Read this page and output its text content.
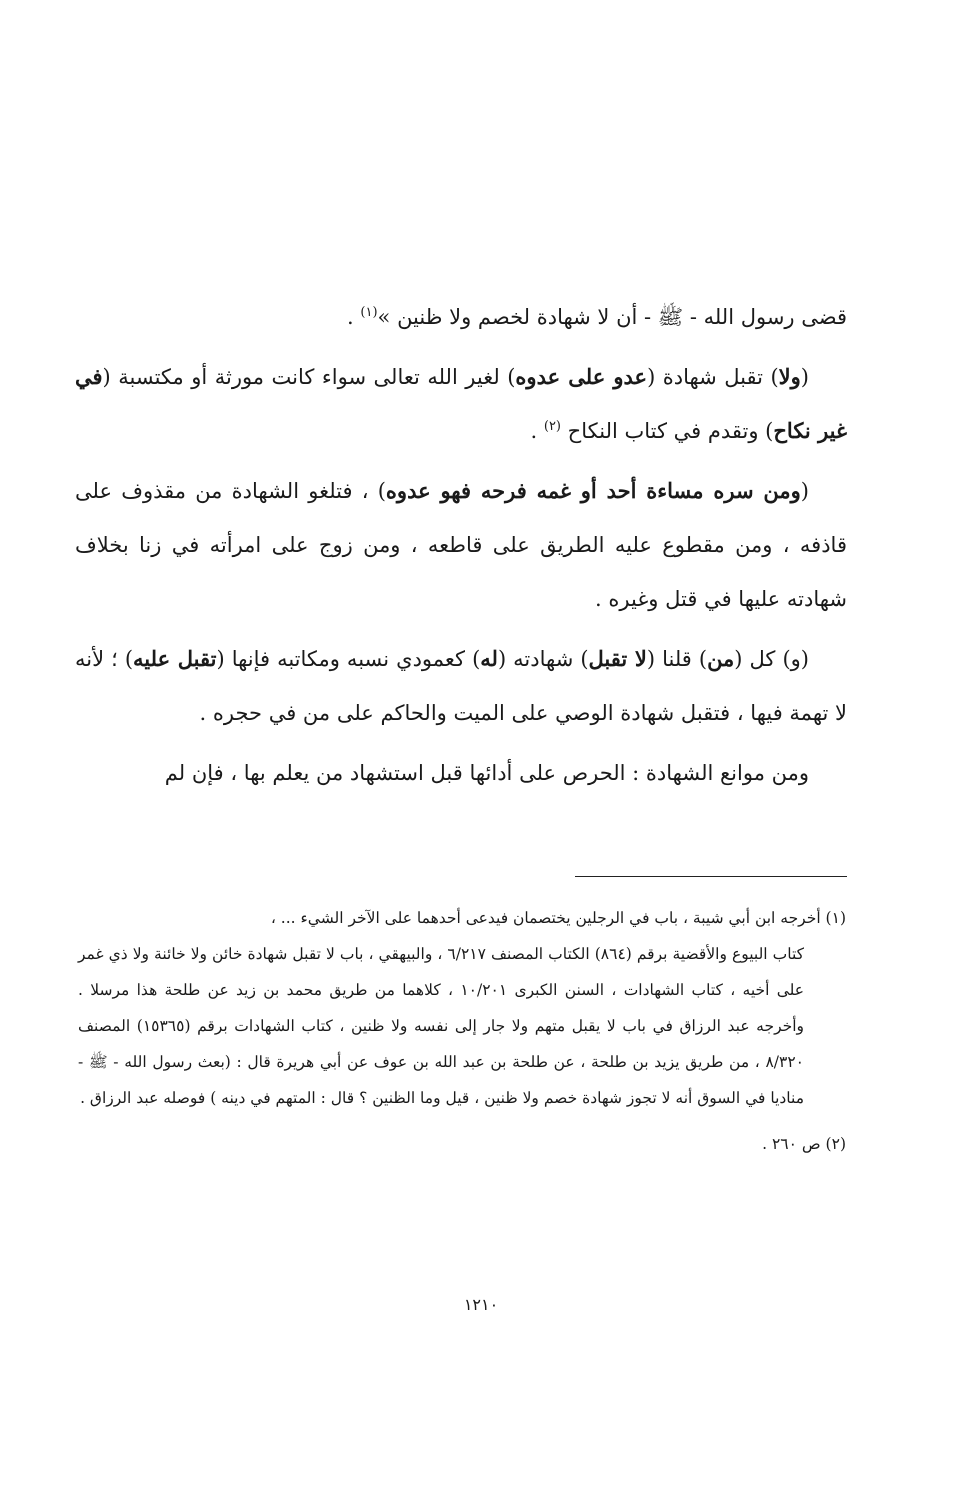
قضى رسول الله - ﷺ - أن لا شهادة لخصم ولا ظنين »$^{(١)}$ .

(ولا) تقبل شهادة (عدو على عدوه) لغير الله تعالى سواء كانت مورثة أو مكتسبة (في غير نكاح) وتقدم في كتاب النكاح $^{(٢)}$ .

(ومن سره مساءة أحد أو غمه فرحه فهو عدوه) ، فتلغو الشهادة من مقذوف على قاذفه ، ومن مقطوع عليه الطريق على قاطعه ، ومن زوج على امرأته في زنا بخلاف شهادته عليها في قتل وغيره .

(و) كل (من) قلنا (لا تقبل) شهادته (له) كعمودي نسبه ومكاتبه فإنها (تقبل عليه) ؛ لأنه لا تهمة فيها ، فتقبل شهادة الوصي على الميت والحاكم على من في حجره .

ومن موانع الشهادة : الحرص على أدائها قبل استشهاد من يعلم بها ، فإن لم

(١) أخرجه ابن أبي شيبة ، باب في الرجلين يختصمان فيدعى أحدهما على الآخر الشيء ... ،

كتاب البيوع والأقضية برقم (٨٦٤) الكتاب المصنف ٦/٢١٧ ، والبيهقي ، باب لا تقبل شهادة خائن ولا خائنة ولا ذي غمر على أخيه ، كتاب الشهادات ، السنن الكبرى ١٠/٢٠١ ، كلاهما من طريق محمد بن زيد عن طلحة هذا مرسلا . وأخرجه عبد الرزاق في باب لا يقبل متهم ولا جار إلى نفسه ولا ظنين ، كتاب الشهادات برقم (١٥٣٦٥) المصنف ٨/٣٢٠ ، من طريق يزيد بن طلحة ، عن طلحة بن عبد الله بن عوف عن أبي هريرة قال : (بعث رسول الله - ﷺ - مناديا في السوق أنه لا تجوز شهادة خصم ولا ظنين ، قيل وما الظنين ؟ قال : المتهم في دينه ) فوصله عبد الرزاق .

(٢) ص ٢٦٠ .

١٢١٠
